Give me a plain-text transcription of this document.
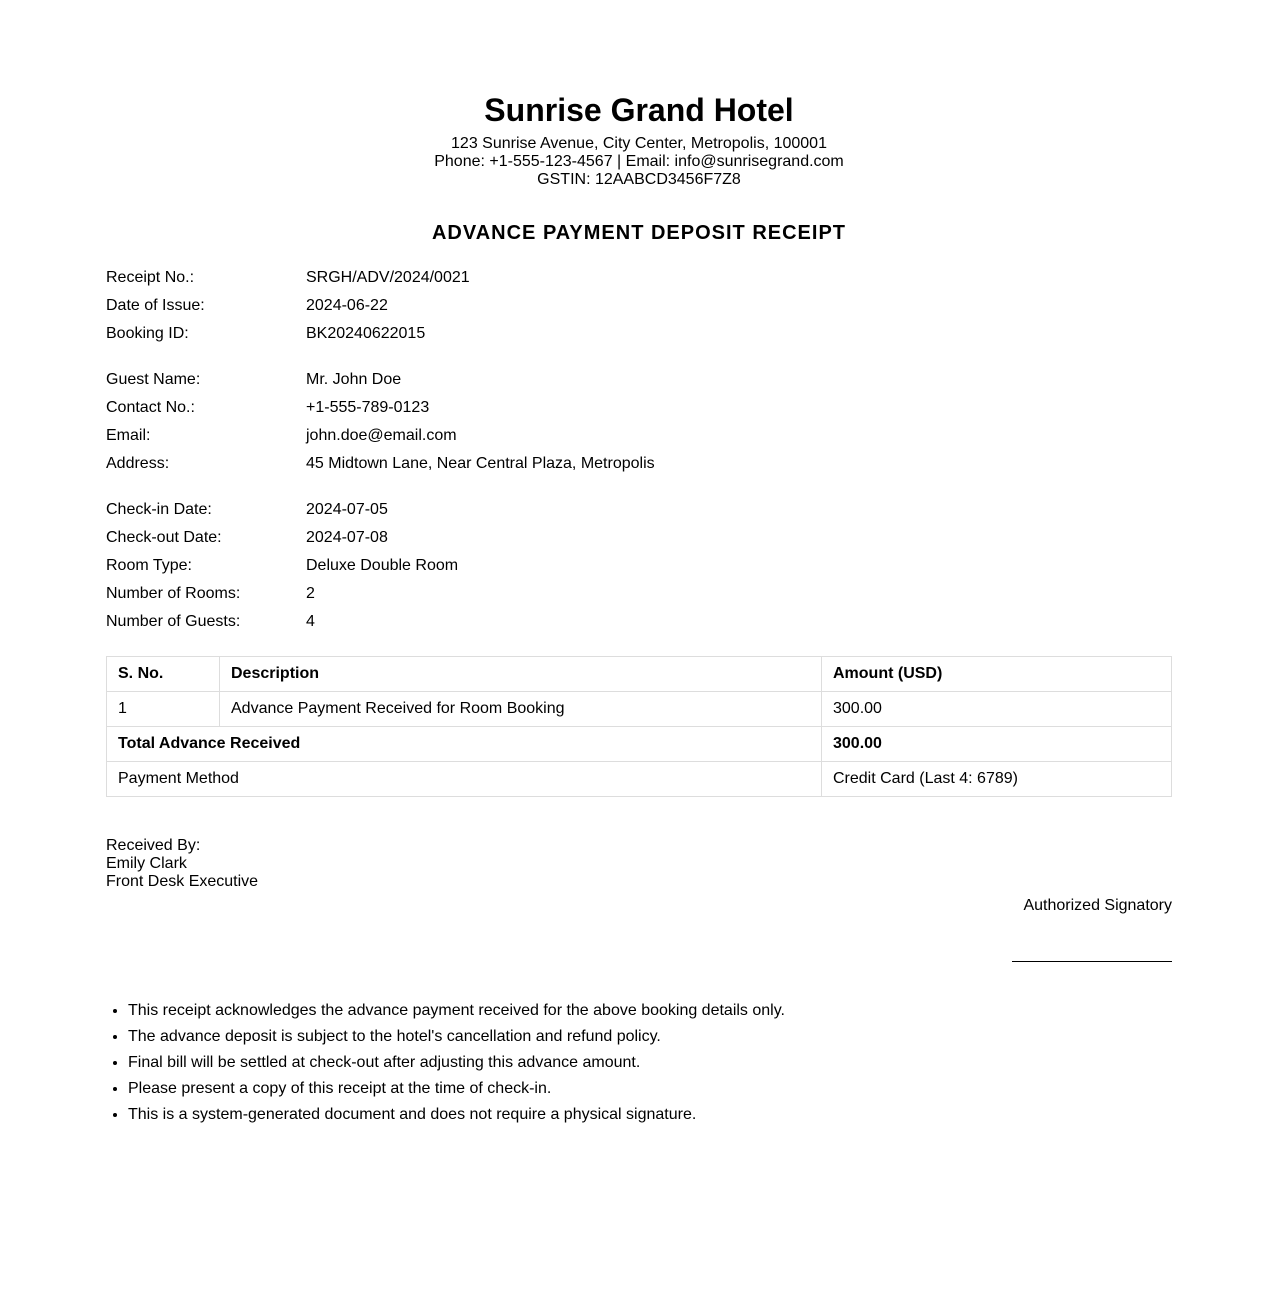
Sunrise Grand Hotel
123 Sunrise Avenue, City Center, Metropolis, 100001
Phone: +1-555-123-4567 | Email: info@sunrisegrand.com
GSTIN: 12AABCD3456F7Z8
ADVANCE PAYMENT DEPOSIT RECEIPT
Receipt No.:	SRGH/ADV/2024/0021
Date of Issue:	2024-06-22
Booking ID:	BK20240622015
Guest Name:	Mr. John Doe
Contact No.:	+1-555-789-0123
Email:	john.doe@email.com
Address:	45 Midtown Lane, Near Central Plaza, Metropolis
Check-in Date:	2024-07-05
Check-out Date:	2024-07-08
Room Type:	Deluxe Double Room
Number of Rooms:	2
Number of Guests:	4
S. No.	Description	Amount (USD)
1	Advance Payment Received for Room Booking	300.00
Total Advance Received		300.00
Payment Method		Credit Card (Last 4: 6789)
Received By:
Emily Clark
Front Desk Executive
Authorized Signatory
• This receipt acknowledges the advance payment received for the above booking details only.
• The advance deposit is subject to the hotel's cancellation and refund policy.
• Final bill will be settled at check-out after adjusting this advance amount.
• Please present a copy of this receipt at the time of check-in.
• This is a system-generated document and does not require a physical signature.
